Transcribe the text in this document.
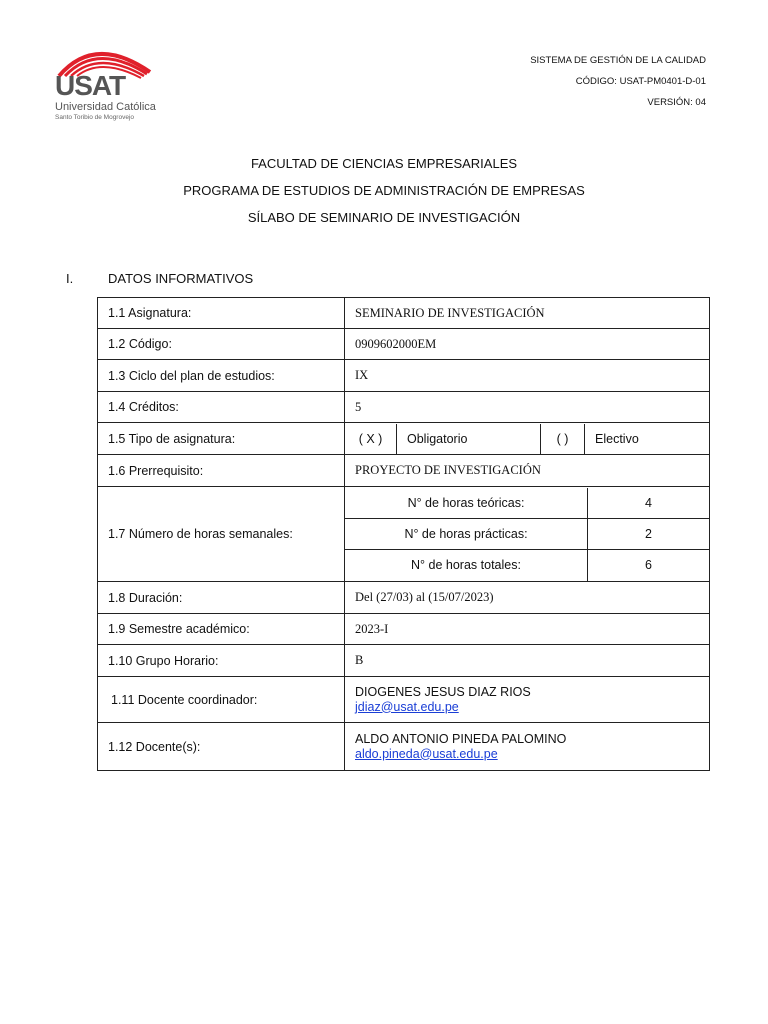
USAT
Universidad Católica
Santo Toribio de Mogrovejo
SISTEMA DE GESTIÓN DE LA CALIDAD
CÓDIGO: USAT-PM0401-D-01
VERSIÓN: 04
FACULTAD DE CIENCIAS EMPRESARIALES
PROGRAMA DE ESTUDIOS DE ADMINISTRACIÓN DE EMPRESAS
SÍLABO DE SEMINARIO DE INVESTIGACIÓN
I.	DATOS INFORMATIVOS
1.1 Asignatura:	SEMINARIO DE INVESTIGACIÓN
1.2 Código:	0909602000EM
1.3 Ciclo del plan de estudios:	IX
1.4 Créditos:	5
1.5 Tipo de asignatura:		( X )	Obligatorio	( )	Electivo

1.6 Prerrequisito:	PROYECTO DE INVESTIGACIÓN
1.7 Número de horas semanales:	
N° de horas teóricas:	4
N° de horas prácticas:	2
N° de horas totales:	6

1.8 Duración:	Del (27/03) al (15/07/2023)
1.9 Semestre académico:	2023-I
1.10 Grupo Horario:	B
1.11 Docente coordinador:	
DIOGENES JESUS DIAZ RIOS
jdiaz@usat.edu.pe

1.12 Docente(s):	
ALDO ANTONIO PINEDA PALOMINO
aldo.pineda@usat.edu.pe
